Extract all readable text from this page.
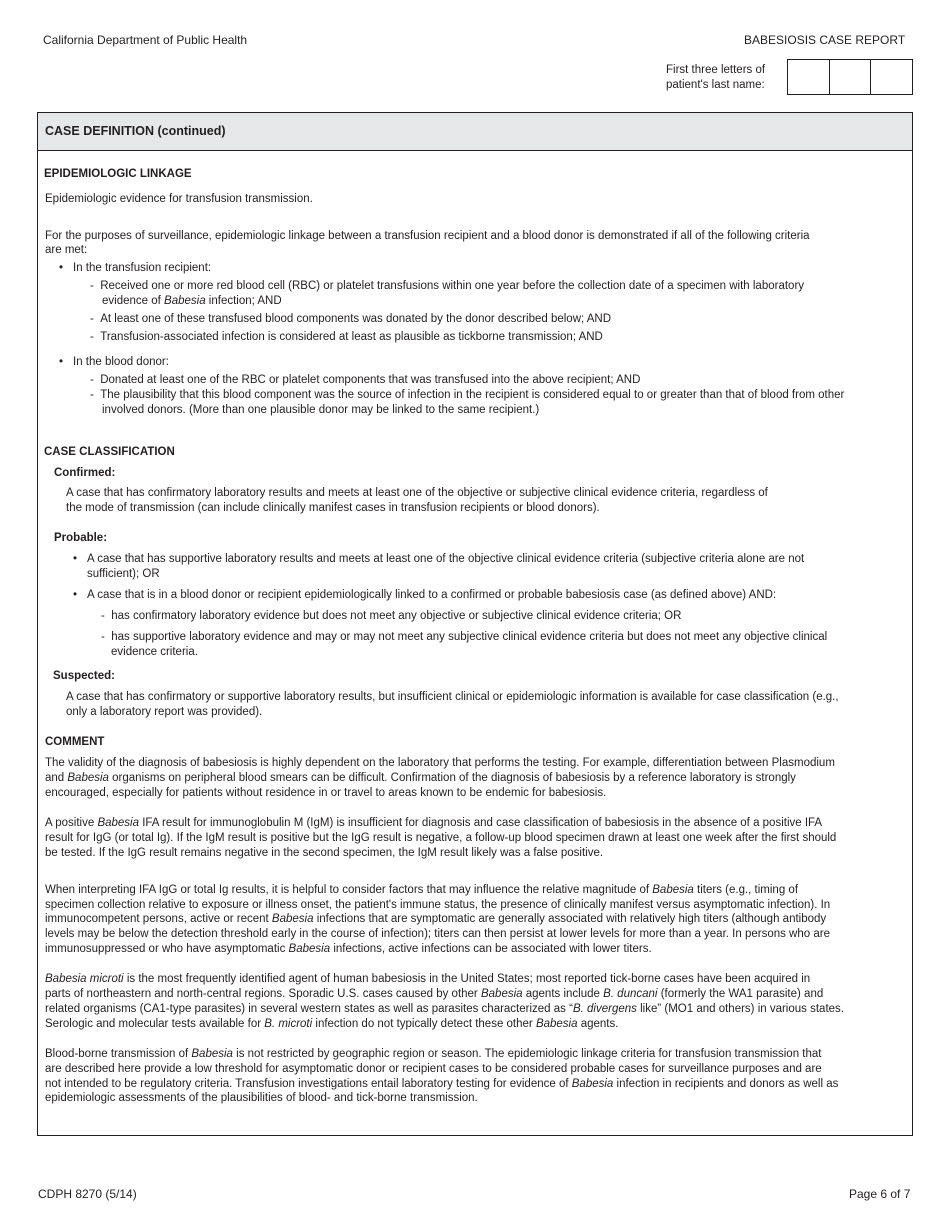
California Department of Public Health	BABESIOSIS CASE REPORT
First three letters of
patient's last name:
CASE DEFINITION (continued)
EPIDEMIOLOGIC LINKAGE
Epidemiologic evidence for transfusion transmission.
For the purposes of surveillance, epidemiologic linkage between a transfusion recipient and a blood donor is demonstrated if all of the following criteria
are met:
• In the transfusion recipient:
-  Received one or more red blood cell (RBC) or platelet transfusions within one year before the collection date of a specimen with laboratory
evidence of Babesia infection; AND
-  At least one of these transfused blood components was donated by the donor described below; AND
-  Transfusion-associated infection is considered at least as plausible as tickborne transmission; AND
• In the blood donor:
-  Donated at least one of the RBC or platelet components that was transfused into the above recipient; AND
-  The plausibility that this blood component was the source of infection in the recipient is considered equal to or greater than that of blood from other
involved donors. (More than one plausible donor may be linked to the same recipient.)
CASE CLASSIFICATION
Confirmed:
A case that has confirmatory laboratory results and meets at least one of the objective or subjective clinical evidence criteria, regardless of
the mode of transmission (can include clinically manifest cases in transfusion recipients or blood donors).
Probable:
• A case that has supportive laboratory results and meets at least one of the objective clinical evidence criteria (subjective criteria alone are not
sufficient); OR
• A case that is in a blood donor or recipient epidemiologically linked to a confirmed or probable babesiosis case (as defined above) AND:
-  has confirmatory laboratory evidence but does not meet any objective or subjective clinical evidence criteria; OR
-  has supportive laboratory evidence and may or may not meet any subjective clinical evidence criteria but does not meet any objective clinical
evidence criteria.
Suspected:
A case that has confirmatory or supportive laboratory results, but insufficient clinical or epidemiologic information is available for case classification (e.g.,
only a laboratory report was provided).
COMMENT
The validity of the diagnosis of babesiosis is highly dependent on the laboratory that performs the testing. For example, differentiation between Plasmodium
and Babesia organisms on peripheral blood smears can be difficult. Confirmation of the diagnosis of babesiosis by a reference laboratory is strongly
encouraged, especially for patients without residence in or travel to areas known to be endemic for babesiosis.
A positive Babesia IFA result for immunoglobulin M (IgM) is insufficient for diagnosis and case classification of babesiosis in the absence of a positive IFA
result for IgG (or total Ig). If the IgM result is positive but the IgG result is negative, a follow-up blood specimen drawn at least one week after the first should
be tested. If the IgG result remains negative in the second specimen, the IgM result likely was a false positive.
When interpreting IFA IgG or total Ig results, it is helpful to consider factors that may influence the relative magnitude of Babesia titers (e.g., timing of
specimen collection relative to exposure or illness onset, the patient's immune status, the presence of clinically manifest versus asymptomatic infection). In
immunocompetent persons, active or recent Babesia infections that are symptomatic are generally associated with relatively high titers (although antibody
levels may be below the detection threshold early in the course of infection); titers can then persist at lower levels for more than a year. In persons who are
immunosuppressed or who have asymptomatic Babesia infections, active infections can be associated with lower titers.
Babesia microti is the most frequently identified agent of human babesiosis in the United States; most reported tick-borne cases have been acquired in
parts of northeastern and north-central regions. Sporadic U.S. cases caused by other Babesia agents include B. duncani (formerly the WA1 parasite) and
related organisms (CA1-type parasites) in several western states as well as parasites characterized as “B. divergens like” (MO1 and others) in various states.
Serologic and molecular tests available for B. microti infection do not typically detect these other Babesia agents.
Blood-borne transmission of Babesia is not restricted by geographic region or season. The epidemiologic linkage criteria for transfusion transmission that
are described here provide a low threshold for asymptomatic donor or recipient cases to be considered probable cases for surveillance purposes and are
not intended to be regulatory criteria. Transfusion investigations entail laboratory testing for evidence of Babesia infection in recipients and donors as well as
epidemiologic assessments of the plausibilities of blood- and tick-borne transmission.
CDPH 8270 (5/14)	Page 6 of 7
